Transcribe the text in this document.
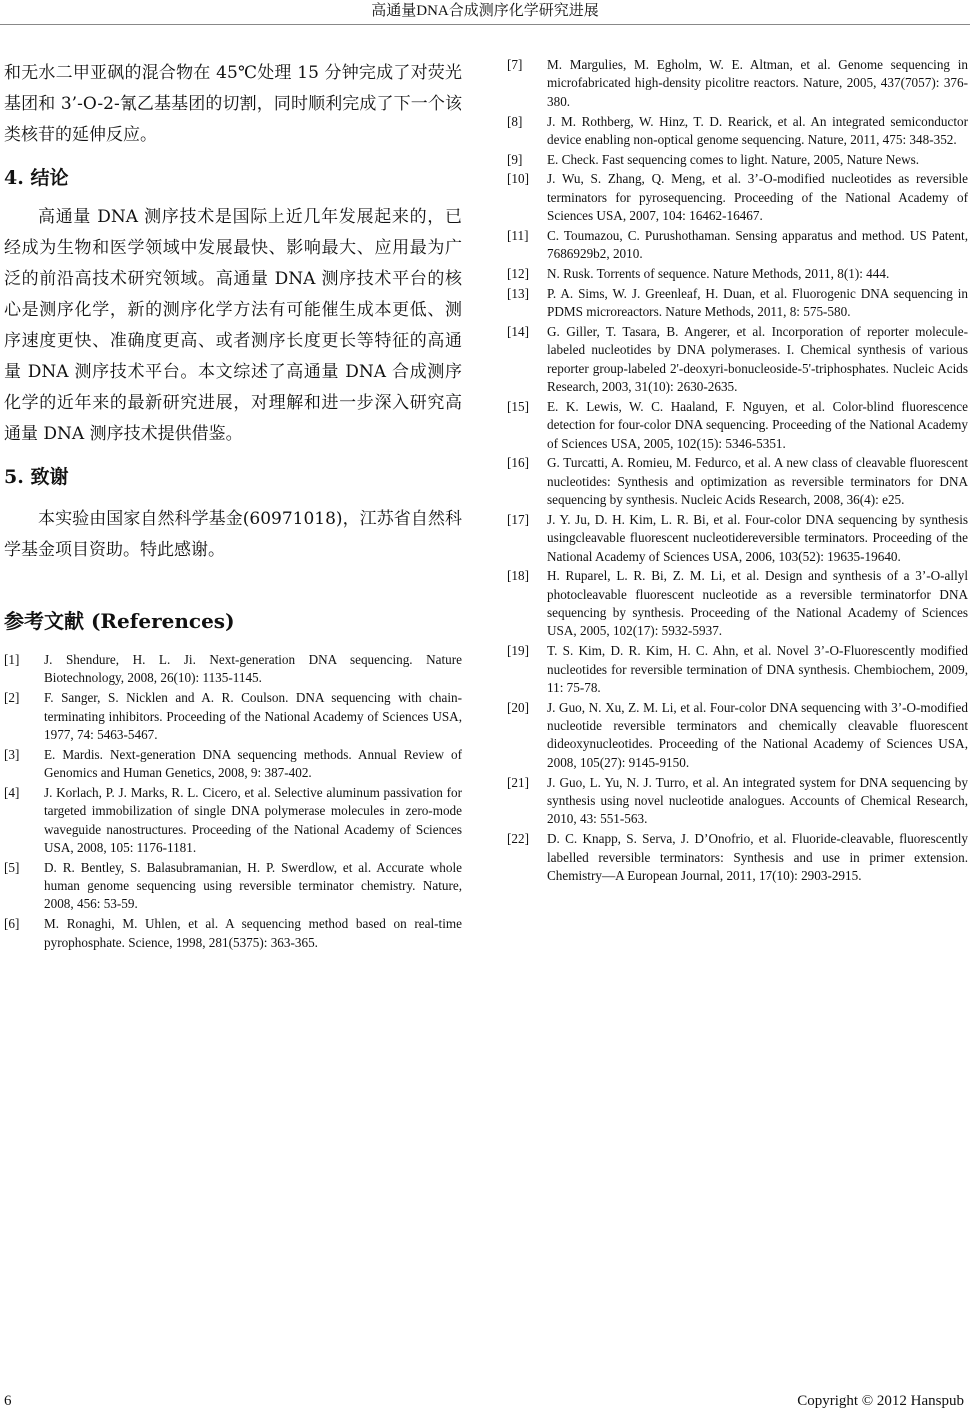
高通量DNA合成测序化学研究进展

和无水二甲亚砜的混合物在 45℃处理 15 分钟完成了对荧光基团和 3’-O-2-氰乙基基团的切割，同时顺利完成了下一个该类核苷的延伸反应。

4. 结论

高通量 DNA 测序技术是国际上近几年发展起来的，已经成为生物和医学领域中发展最快、影响最大、应用最为广泛的前沿高技术研究领域。高通量 DNA 测序技术平台的核心是测序化学，新的测序化学方法有可能催生成本更低、测序速度更快、准确度更高、或者测序长度更长等特征的高通量 DNA 测序技术平台。本文综述了高通量 DNA 合成测序化学的近年来的最新研究进展，对理解和进一步深入研究高通量 DNA 测序技术提供借鉴。

5. 致谢

本实验由国家自然科学基金(60971018)，江苏省自然科学基金项目资助。特此感谢。

参考文献 (References)
[1]	J. Shendure, H. L. Ji. Next-generation DNA sequencing. Nature Biotechnology, 2008, 26(10): 1135-1145.
[2]	F. Sanger, S. Nicklen and A. R. Coulson. DNA sequencing with chain-terminating inhibitors. Proceeding of the National Academy of Sciences USA, 1977, 74: 5463-5467.
[3]	E. Mardis. Next-generation DNA sequencing methods. Annual Review of Genomics and Human Genetics, 2008, 9: 387-402.
[4]	J. Korlach, P. J. Marks, R. L. Cicero, et al. Selective aluminum passivation for targeted immobilization of single DNA polymerase molecules in zero-mode waveguide nanostructures. Proceeding of the National Academy of Sciences USA, 2008, 105: 1176-1181.
[5]	D. R. Bentley, S. Balasubramanian, H. P. Swerdlow, et al. Accurate whole human genome sequencing using reversible terminator chemistry. Nature, 2008, 456: 53-59.
[6]	M. Ronaghi, M. Uhlen, et al. A sequencing method based on real-time pyrophosphate. Science, 1998, 281(5375): 363-365.
[7]	M. Margulies, M. Egholm, W. E. Altman, et al. Genome sequencing in microfabricated high-density picolitre reactors. Nature, 2005, 437(7057): 376-380.
[8]	J. M. Rothberg, W. Hinz, T. D. Rearick, et al. An integrated semiconductor device enabling non-optical genome sequencing. Nature, 2011, 475: 348-352.
[9]	E. Check. Fast sequencing comes to light. Nature, 2005, Nature News.
[10]	J. Wu, S. Zhang, Q. Meng, et al. 3’-O-modified nucleotides as reversible terminators for pyrosequencing. Proceeding of the National Academy of Sciences USA, 2007, 104: 16462-16467.
[11]	C. Toumazou, C. Purushothaman. Sensing apparatus and method. US Patent, 7686929b2, 2010.
[12]	N. Rusk. Torrents of sequence. Nature Methods, 2011, 8(1): 444.
[13]	P. A. Sims, W. J. Greenleaf, H. Duan, et al. Fluorogenic DNA sequencing in PDMS microreactors. Nature Methods, 2011, 8: 575-580.
[14]	G. Giller, T. Tasara, B. Angerer, et al. Incorporation of reporter molecule-labeled nucleotides by DNA polymerases. I. Chemical synthesis of various reporter group-labeled 2'-deoxyri-bonucleoside-5'-triphosphates. Nucleic Acids Research, 2003, 31(10): 2630-2635.
[15]	E. K. Lewis, W. C. Haaland, F. Nguyen, et al. Color-blind fluorescence detection for four-color DNA sequencing. Proceeding of the National Academy of Sciences USA, 2005, 102(15): 5346-5351.
[16]	G. Turcatti, A. Romieu, M. Fedurco, et al. A new class of cleavable fluorescent nucleotides: Synthesis and optimization as reversible terminators for DNA sequencing by synthesis. Nucleic Acids Research, 2008, 36(4): e25.
[17]	J. Y. Ju, D. H. Kim, L. R. Bi, et al. Four-color DNA sequencing by synthesis usingcleavable fluorescent nucleotidereversible terminators. Proceeding of the National Academy of Sciences USA, 2006, 103(52): 19635-19640.
[18]	H. Ruparel, L. R. Bi, Z. M. Li, et al. Design and synthesis of a 3’-O-allyl photocleavable fluorescent nucleotide as a reversible terminatorfor DNA sequencing by synthesis. Proceeding of the National Academy of Sciences USA, 2005, 102(17): 5932-5937.
[19]	T. S. Kim, D. R. Kim, H. C. Ahn, et al. Novel 3’-O-Fluorescently modified nucleotides for reversible termination of DNA synthesis. Chembiochem, 2009, 11: 75-78.
[20]	J. Guo, N. Xu, Z. M. Li, et al. Four-color DNA sequencing with 3’-O-modified nucleotide reversible terminators and chemically cleavable fluorescent dideoxynucleotides. Proceeding of the National Academy of Sciences USA, 2008, 105(27): 9145-9150.
[21]	J. Guo, L. Yu, N. J. Turro, et al. An integrated system for DNA sequencing by synthesis using novel nucleotide analogues. Accounts of Chemical Research, 2010, 43: 551-563.
[22]	D. C. Knapp, S. Serva, J. D’Onofrio, et al. Fluoride-cleavable, fluorescently labelled reversible terminators: Synthesis and use in primer extension. Chemistry—A European Journal, 2011, 17(10): 2903-2915.
6	Copyright © 2012 Hanspub
